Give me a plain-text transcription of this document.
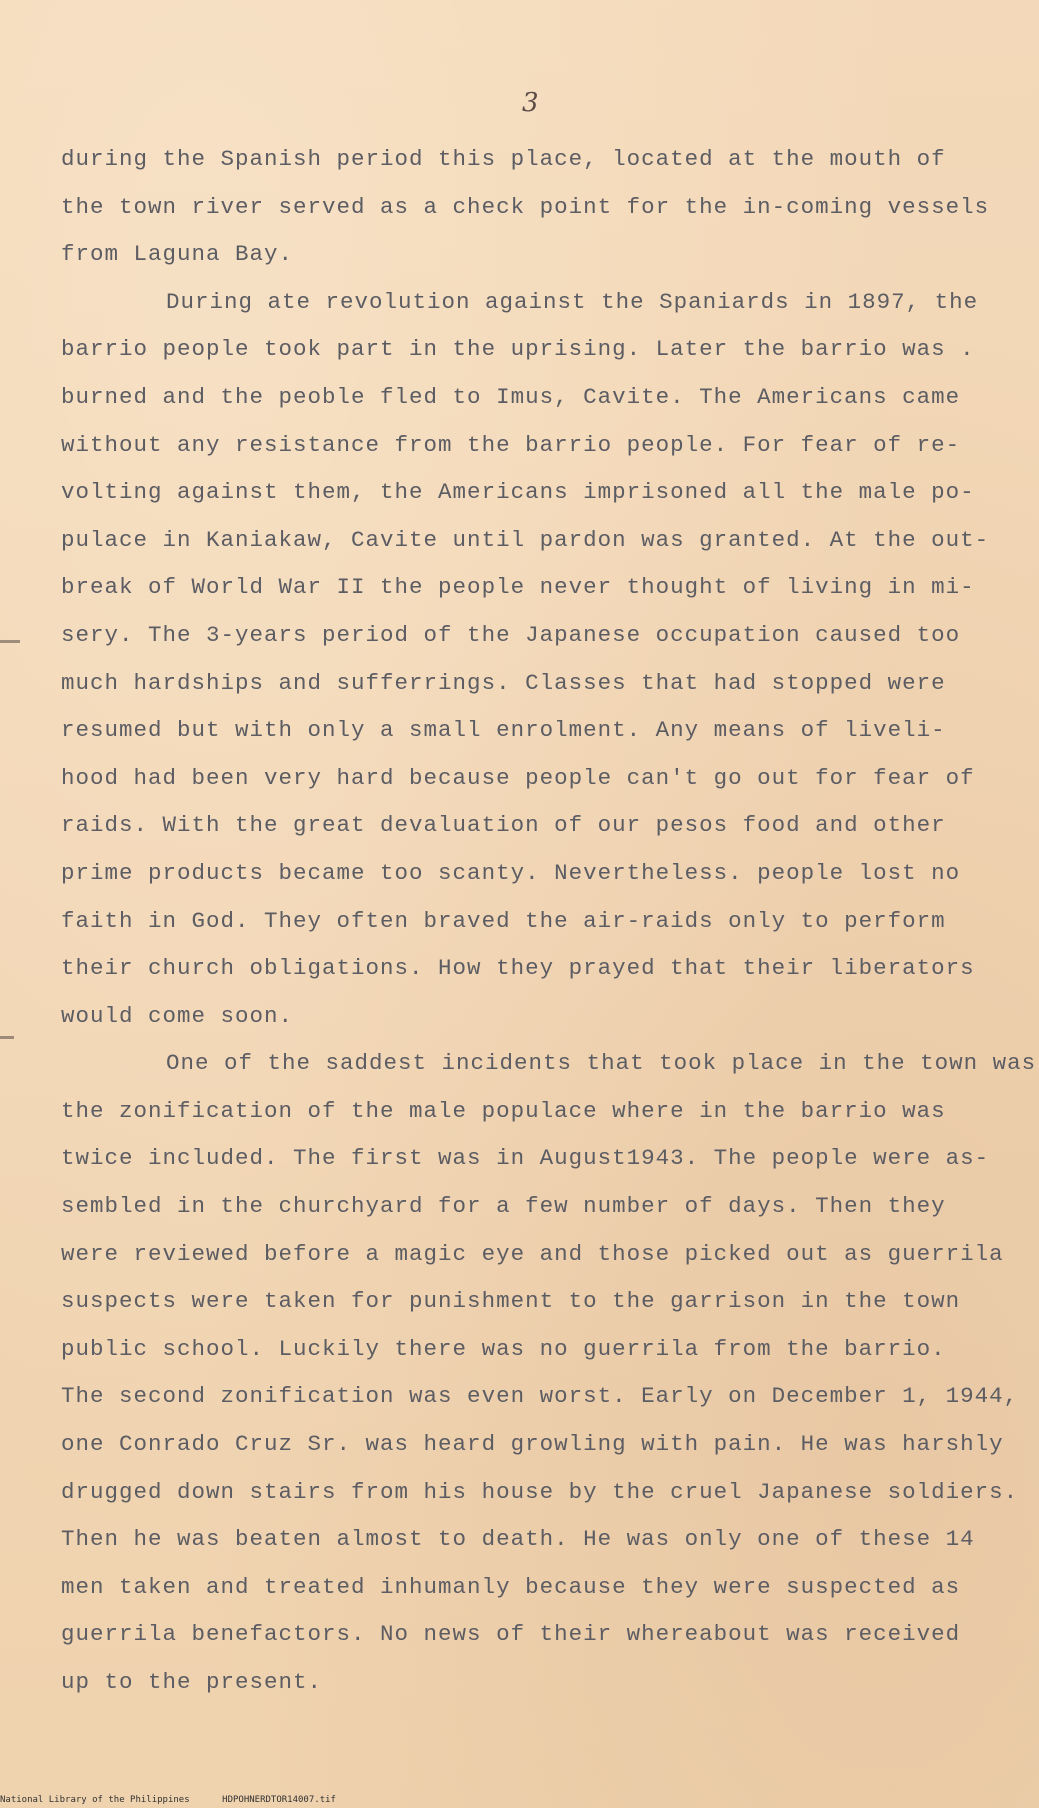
3
during the Spanish period this place, located at the mouth of
the town river served as a check point for the in-coming vessels
from Laguna Bay.
During ate revolution against the Spaniards in 1897, the
barrio people took part in the uprising. Later the barrio was .
burned and the peoble fled to Imus, Cavite. The Americans came
without any resistance from the barrio people. For fear of re-
volting against them, the Americans imprisoned all the male po-
pulace in Kaniakaw, Cavite until pardon was granted. At the out-
break of World War II the people never thought of living in mi-
sery. The 3-years period of the Japanese occupation caused too
much hardships and sufferrings. Classes that had stopped were
resumed but with only a small enrolment. Any means of liveli-
hood had been very hard because people can't go out for fear of
raids. With the great devaluation of our pesos food and other
prime products became too scanty. Nevertheless. people lost no
faith in God. They often braved the air-raids only to perform
their church obligations. How they prayed that their liberators
would come soon.
One of the saddest incidents that took place in the town was
the zonification of the male populace where in the barrio was
twice included. The first was in August1943. The people were as-
sembled in the churchyard for a few number of days. Then they
were reviewed before a magic eye and those picked out as guerrila
suspects were taken for punishment to the garrison in the town
public school. Luckily there was no guerrila from the barrio.
The second zonification was even worst. Early on December 1, 1944,
one Conrado Cruz Sr. was heard growling with pain. He was harshly
drugged down stairs from his house by the cruel Japanese soldiers.
Then he was beaten almost to death. He was only one of these 14
men taken and treated inhumanly because they were suspected as
guerrila benefactors. No news of their whereabout was received
up to the present.
National Library of the Philippines      HDPOHNERDTOR14007.tif
